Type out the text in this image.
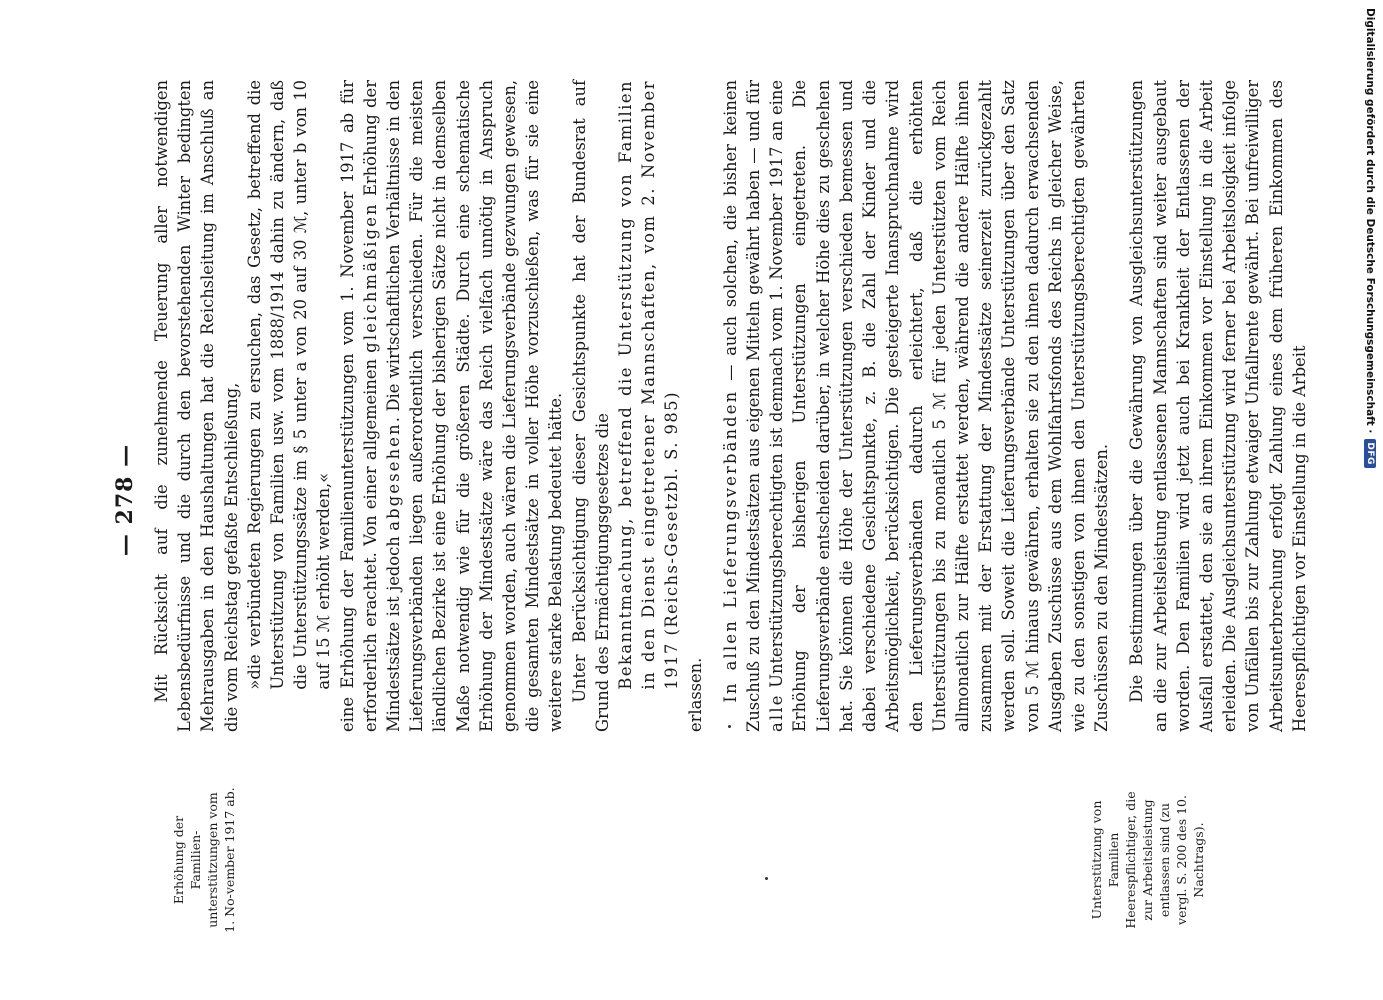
— 278 —
Erhöhung der Familien-unterstützungen vom 1. No-vember 1917 ab.	Unterstützung von Familien Heerespflichtiger, die zur Arbeitsleistung entlassen sind (zu vergl. S. 200 des 10. Nachtrags).

Mit Rücksicht auf die zunehmende Teuerung aller notwendigen Lebensbedürfnisse und die durch den bevorstehenden Winter bedingten Mehrausgaben in den Haushaltungen hat die Reichsleitung im Anschluß an die vom Reichstag gefaßte Entschließung, »die verbündeten Regierungen zu ersuchen, das Gesetz, betreffend die Unterstützung von Familien usw. vom 1888/1914 dahin zu ändern, daß die Unterstützungssätze im § 5 unter a von 20 auf 30 ℳ, unter b von 10 auf 15 ℳ erhöht werden,« eine Erhöhung der Familienunterstützungen vom 1. November 1917 ab für erforderlich erachtet. Von einer allgemeinen gleichmäßigen Erhöhung der Mindestsätze ist jedoch abgesehen. Die wirtschaftlichen Verhältnisse in den Lieferungsverbänden liegen außerordentlich verschieden. Für die meisten ländlichen Bezirke ist eine Erhöhung der bisherigen Sätze nicht in demselben Maße notwendig wie für die größeren Städte. Durch eine schematische Erhöhung der Mindestsätze wäre das Reich vielfach unnötig in Anspruch genommen worden, auch wären die Lieferungsverbände gezwungen gewesen, die gesamten Mindestsätze in voller Höhe vorzuschießen, was für sie eine weitere starke Belastung bedeutet hätte. Unter Berücksichtigung dieser Gesichtspunkte hat der Bundesrat auf Grund des Ermächtigungsgesetzes die Bekanntmachung, betreffend die Unterstützung von Familien in den Dienst eingetretener Mannschaften, vom 2. November 1917 (Reichs-Gesetzbl. S. 985)

erlassen. In allen Lieferungsverbänden — auch solchen, die bisher keinen Zuschuß zu den Mindestsätzen aus eigenen Mitteln gewährt haben — und für alle Unterstützungsberechtigten ist demnach vom 1. November 1917 an eine Erhöhung der bisherigen Unterstützungen eingetreten. Die Lieferungsverbände entscheiden darüber, in welcher Höhe dies zu geschehen hat. Sie können die Höhe der Unterstützungen verschieden bemessen und dabei verschiedene Gesichtspunkte, z. B. die Zahl der Kinder und die Arbeitsmöglichkeit, berücksichtigen. Die gesteigerte Inanspruchnahme wird den Lieferungsverbänden dadurch erleichtert, daß die erhöhten Unterstützungen bis zu monatlich 5 ℳ für jeden Unterstützten vom Reich allmonatlich zur Hälfte erstattet werden, während die andere Hälfte ihnen zusammen mit der Erstattung der Mindestsätze seinerzeit zurückgezahlt werden soll. Soweit die Lieferungsverbände Unterstützungen über den Satz von 5 ℳ hinaus gewähren, erhalten sie zu den ihnen dadurch erwachsenden Ausgaben Zuschüsse aus dem Wohlfahrtsfonds des Reichs in gleicher Weise, wie zu den sonstigen von ihnen den Unterstützungsberechtigten gewährten Zuschüssen zu den Mindestsätzen. Die Bestimmungen über die Gewährung von Ausgleichsunterstützungen an die zur Arbeitsleistung entlassenen Mannschaften sind weiter ausgebaut worden. Den Familien wird jetzt auch bei Krankheit der Entlassenen der Ausfall erstattet, den sie an ihrem Einkommen vor Einstellung in die Arbeit erleiden. Die Ausgleichsunterstützung wird ferner bei Arbeitslosigkeit infolge von Unfällen bis zur Zahlung etwaiger Unfallrente gewährt. Bei unfreiwilliger Arbeitsunterbrechung erfolgt Zahlung eines dem früheren Einkommen des Heerespflichtigen vor Einstellung in die Arbeit

Digitalisierung gefördert durch die Deutsche Forschungsgemeinschaft ·
DFG
